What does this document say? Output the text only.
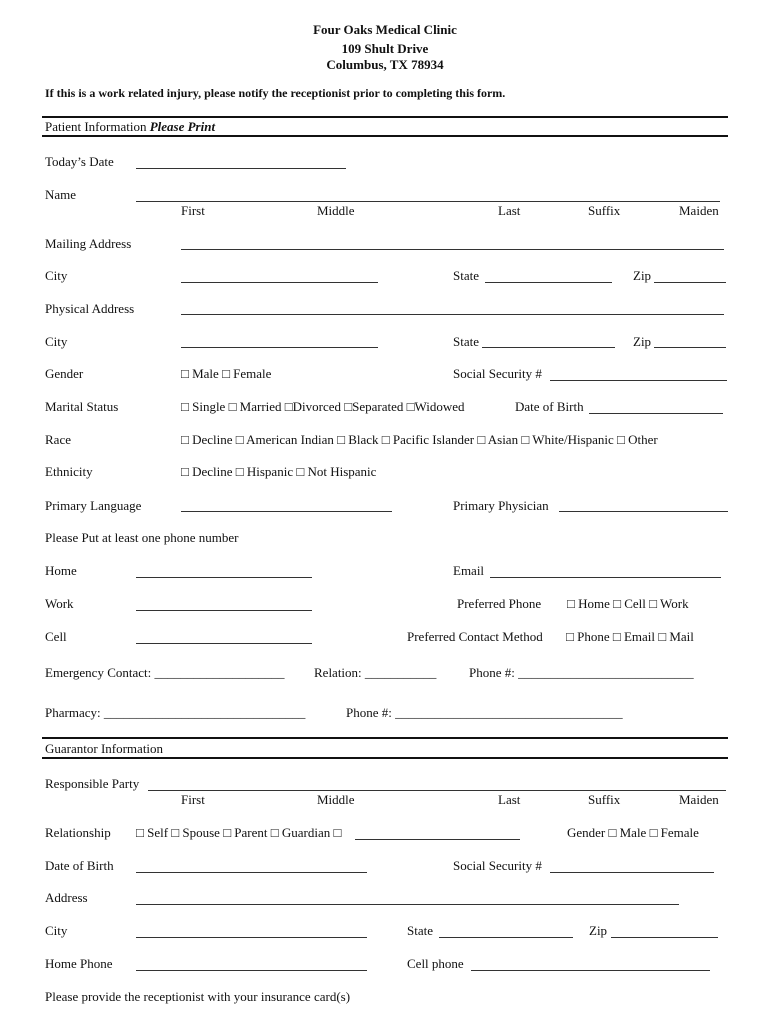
Four Oaks Medical Clinic
109 Shult Drive
Columbus, TX 78934
If this is a work related injury, please notify the receptionist prior to completing this form.
Patient Information Please Print
Today’s Date
Name
First	Middle	Last	Suffix	Maiden
Mailing Address
City	State	Zip
Physical Address
City	State	Zip
Gender	□ Male □ Female	Social Security #
Marital Status	□ Single □ Married □Divorced □Separated □Widowed	Date of Birth
Race	□ Decline □ American Indian □ Black □ Pacific Islander □ Asian □ White/Hispanic □ Other
Ethnicity	□ Decline □ Hispanic □ Not Hispanic
Primary Language	Primary Physician
Please Put at least one phone number
Home	Email
Work	Preferred Phone □ Home □ Cell □ Work
Cell	Preferred Contact Method □ Phone □ Email □ Mail
Emergency Contact: ____________________ Relation: ___________	Phone #: ___________________________
Pharmacy: _______________________________	Phone #: ___________________________________
Guarantor Information
Responsible Party
First	Middle	Last	Suffix	Maiden
Relationship □ Self □ Spouse □ Parent □ Guardian □	Gender □ Male □ Female
Date of Birth	Social Security #
Address
City	State	Zip
Home Phone	Cell phone
Please provide the receptionist with your insurance card(s)
